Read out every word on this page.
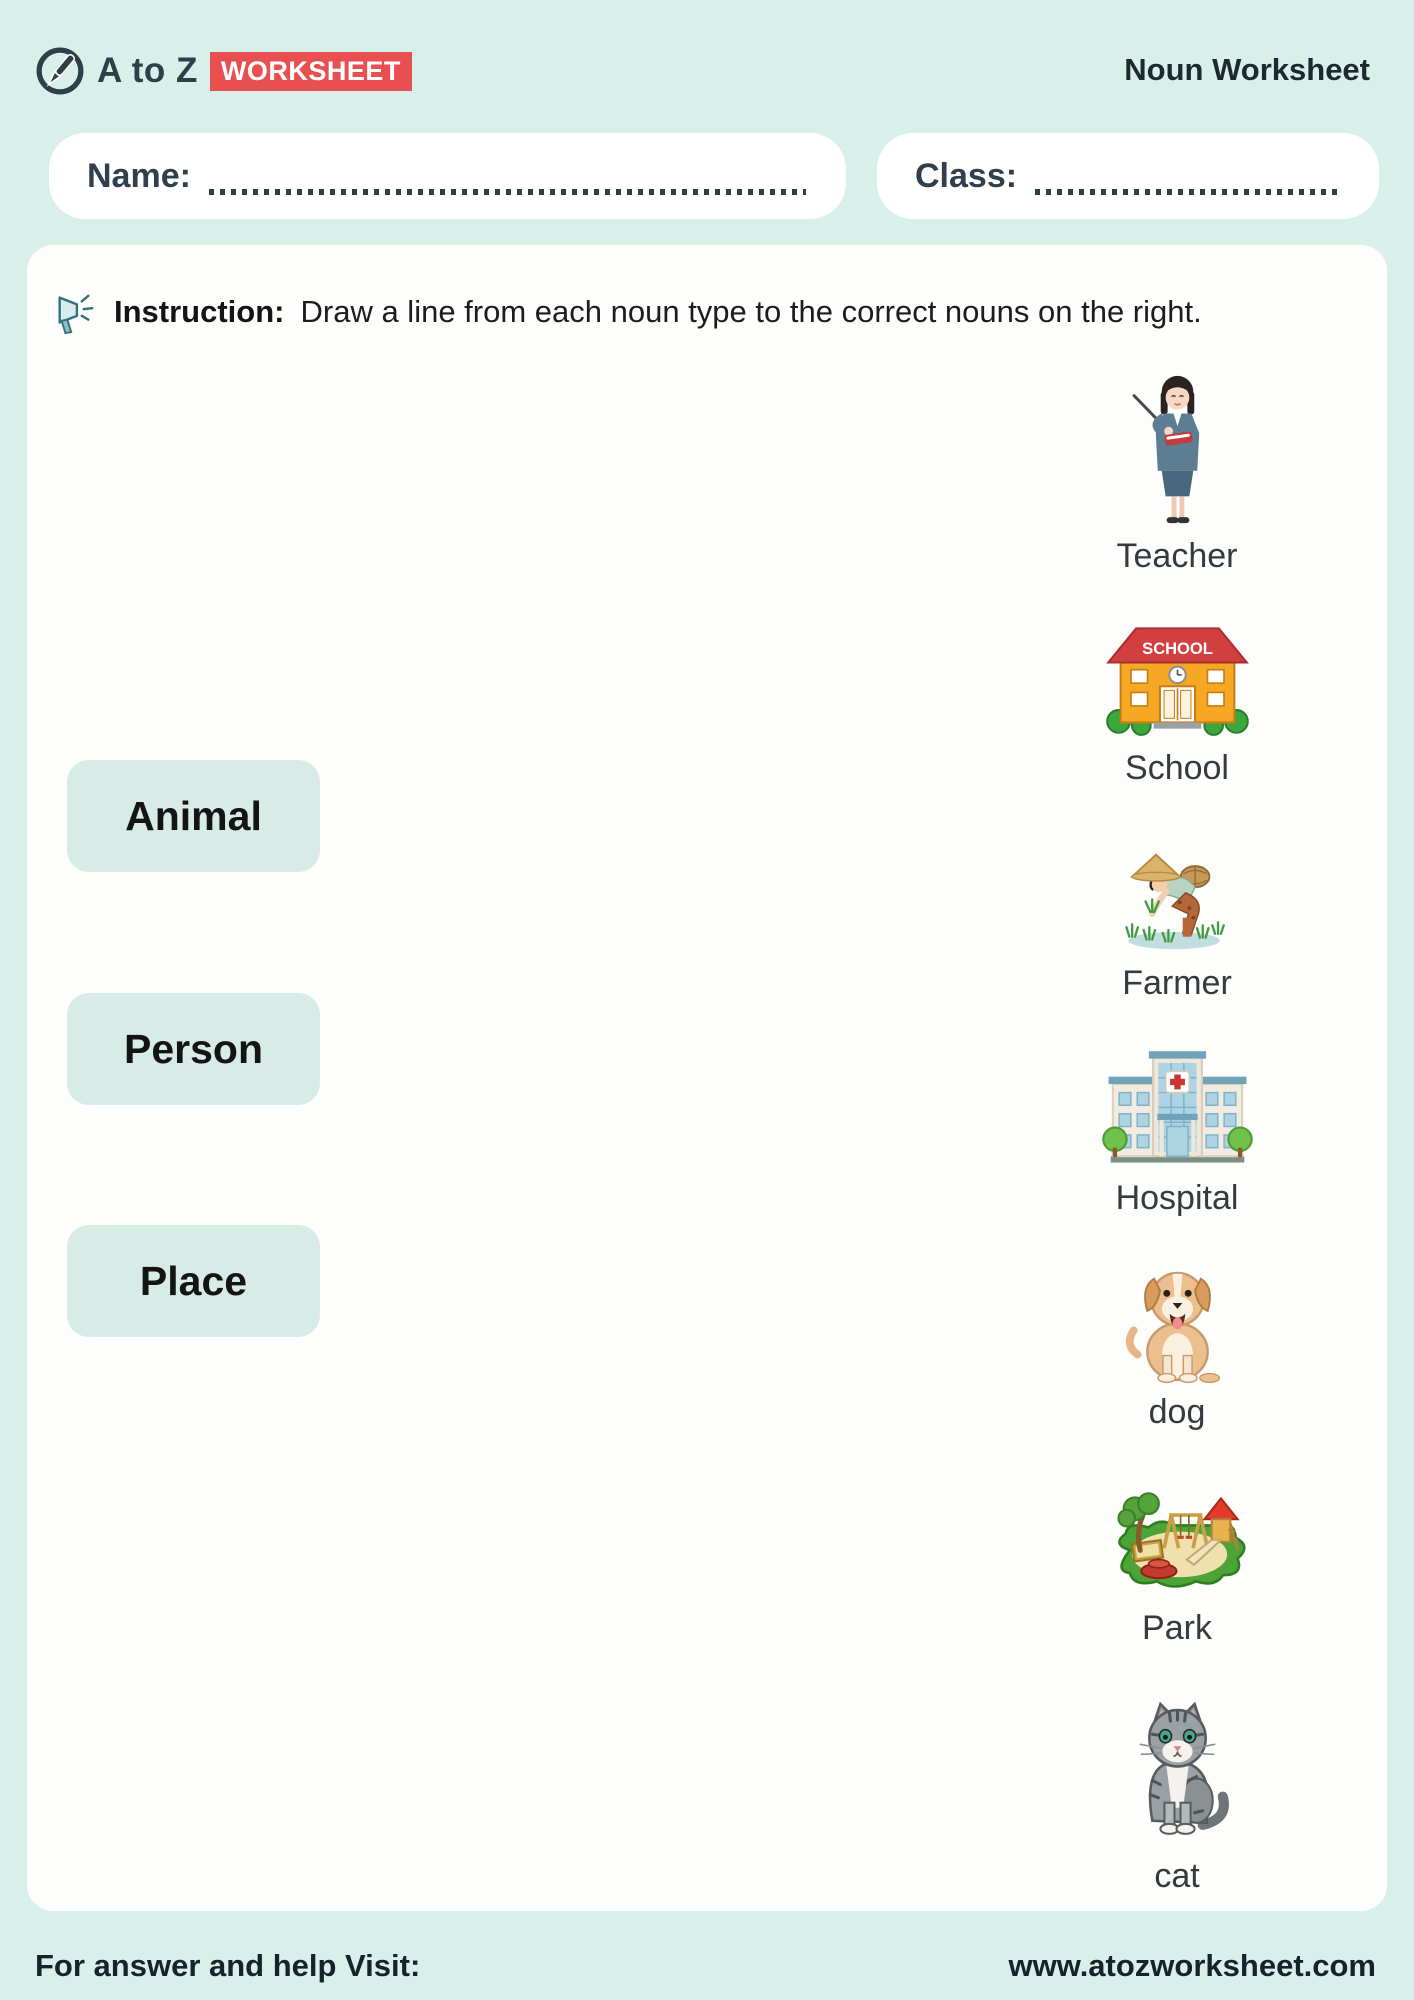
A to Z WORKSHEET	Noun Worksheet
Name:	Class:
Instruction: Draw a line from each noun type to the correct nouns on the right.
Animal
Person
Place
Teacher
SCHOOL
School
Farmer
Hospital
dog
Park
cat
For answer and help Visit:	www.atozworksheet.com
